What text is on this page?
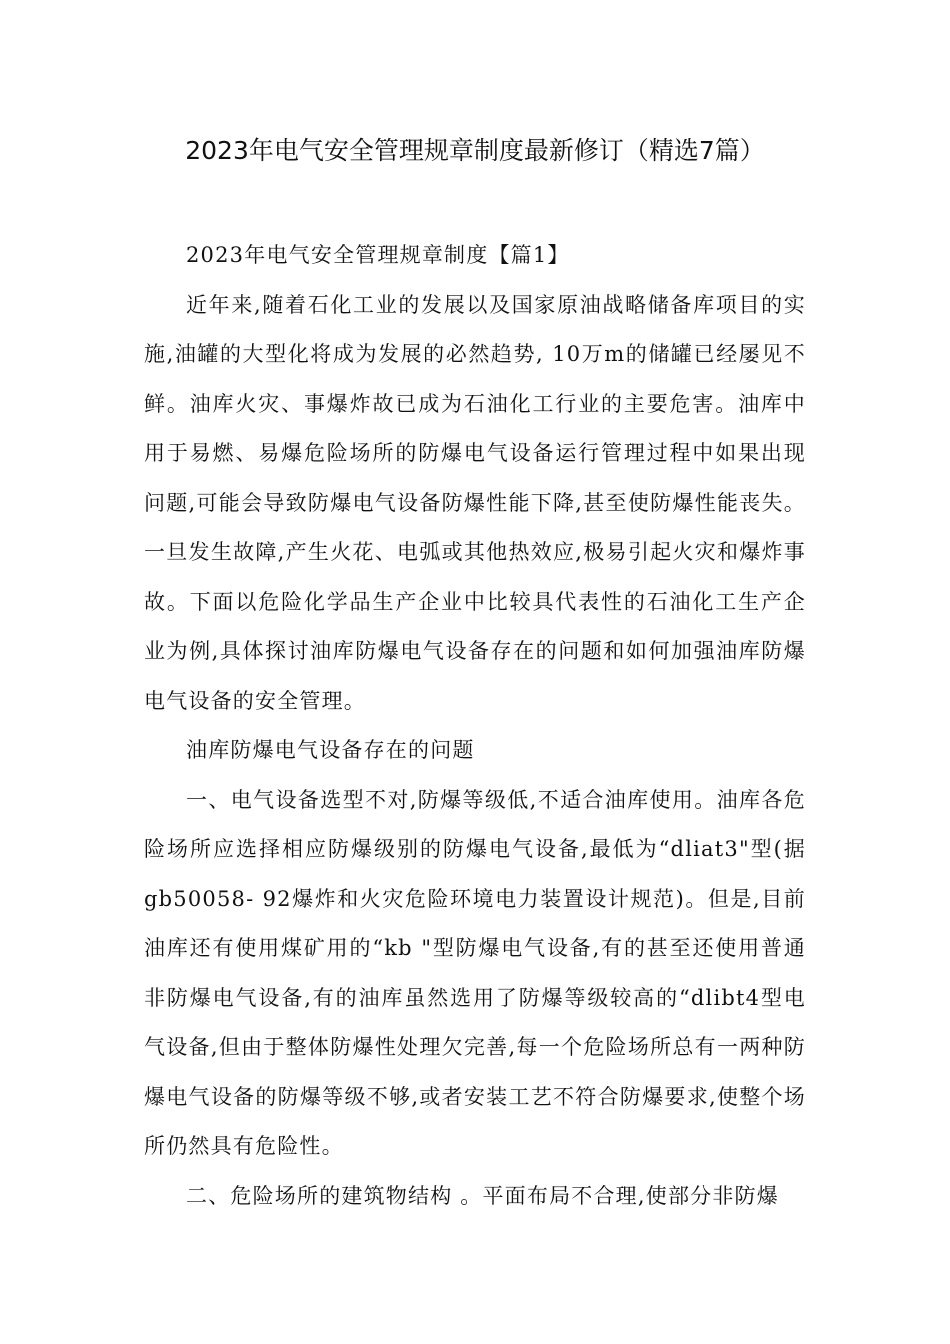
2023年电气安全管理规章制度最新修订（精选7篇）

2023年电气安全管理规章制度【篇1】

近年来,随着石化工业的发展以及国家原油战略储备库项目的实施,油罐的大型化将成为发展的必然趋势, 10万m的储罐已经屡见不鲜。油库火灾、事爆炸故已成为石油化工行业的主要危害。油库中用于易燃、易爆危险场所的防爆电气设备运行管理过程中如果出现问题,可能会导致防爆电气设备防爆性能下降,甚至使防爆性能丧失。一旦发生故障,产生火花、电弧或其他热效应,极易引起火灾和爆炸事故。下面以危险化学品生产企业中比较具代表性的石油化工生产企业为例,具体探讨油库防爆电气设备存在的问题和如何加强油库防爆电气设备的安全管理。

油库防爆电气设备存在的问题

一、电气设备选型不对,防爆等级低,不适合油库使用。油库各危险场所应选择相应防爆级别的防爆电气设备,最低为“dliat3"型(据gb50058- 92爆炸和火灾危险环境电力装置设计规范)。但是,目前油库还有使用煤矿用的“kb "型防爆电气设备,有的甚至还使用普通非防爆电气设备,有的油库虽然选用了防爆等级较高的“dlibt4型电气设备,但由于整体防爆性处理欠完善,每一个危险场所总有一两种防爆电气设备的防爆等级不够,或者安装工艺不符合防爆要求,使整个场所仍然具有危险性。

二、危险场所的建筑物结构 。平面布局不合理,使部分非防爆
